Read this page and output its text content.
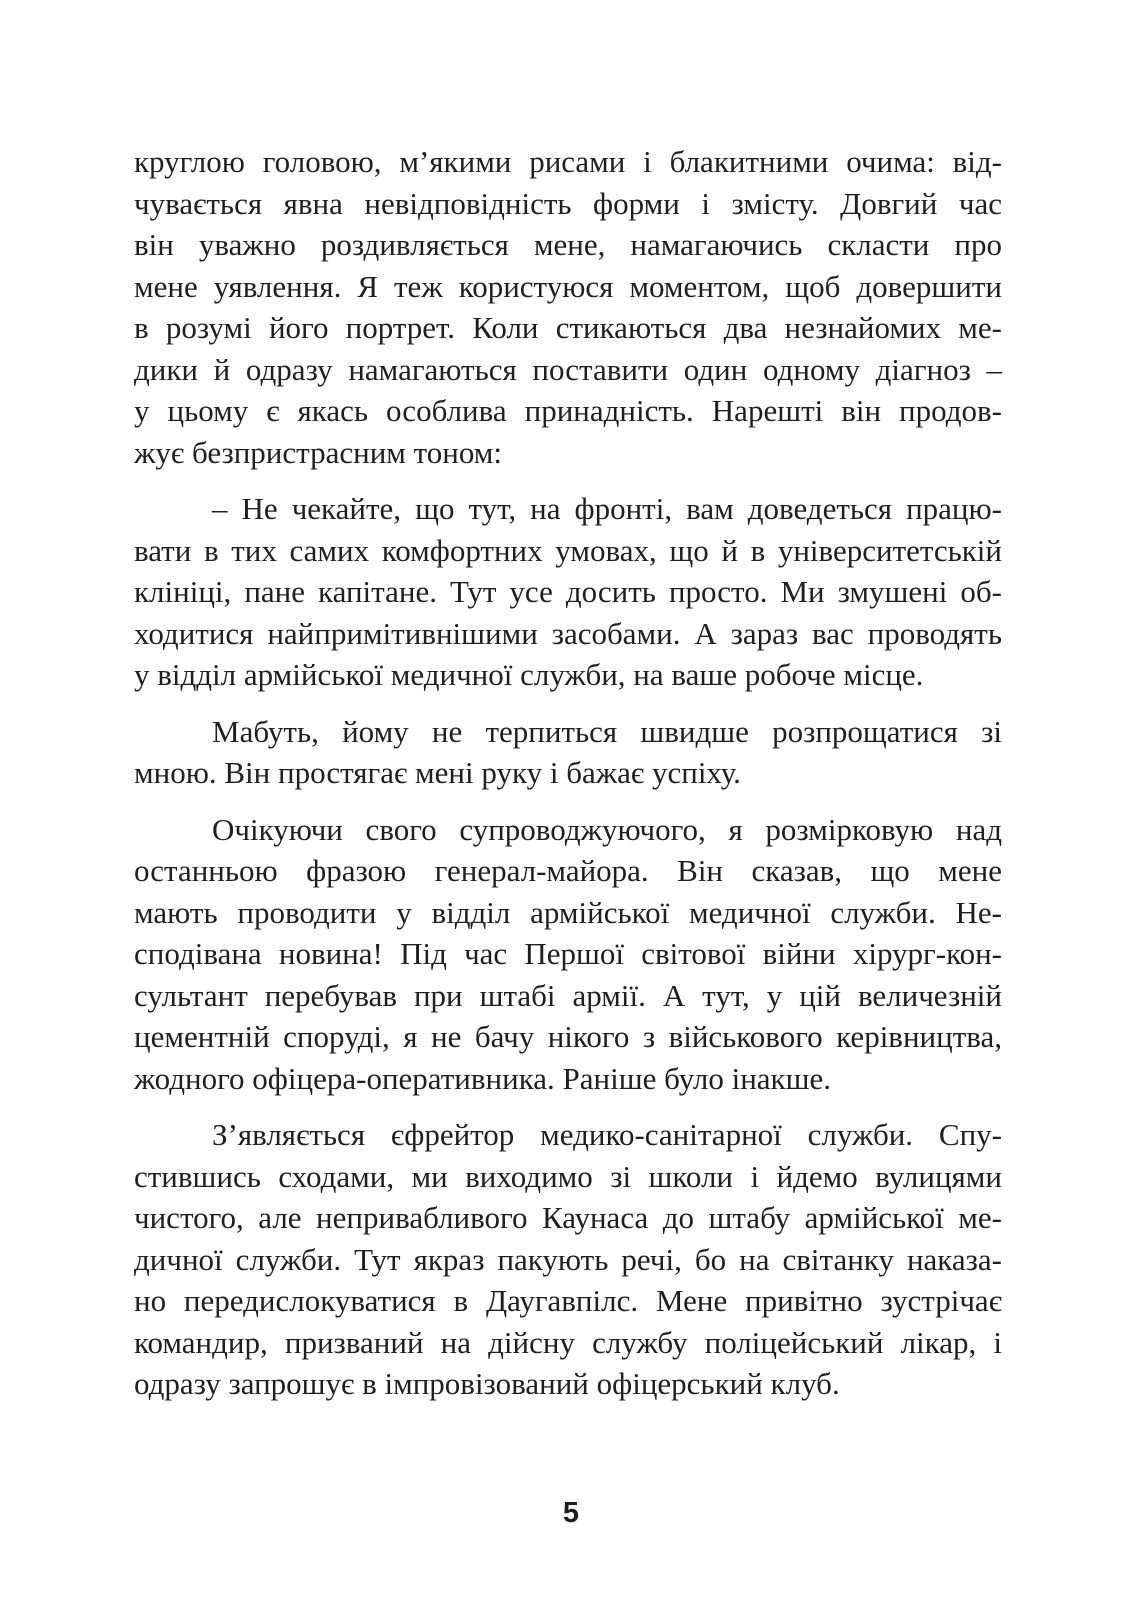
круглою головою, м’якими рисами і блакитними очима: від-
чувається явна невідповідність форми і змісту. Довгий час
він уважно роздивляється мене, намагаючись скласти про
мене уявлення. Я теж користуюся моментом, щоб довершити
в розумі його портрет. Коли стикаються два незнайомих ме-
дики й одразу намагаються поставити один одному діагноз –
у цьому є якась особлива принадність. Нарешті він продов-
жує безпристрасним тоном:
– Не чекайте, що тут, на фронті, вам доведеться працю-
вати в тих самих комфортних умовах, що й в університетській
клініці, пане капітане. Тут усе досить просто. Ми змушені об-
ходитися найпримітивнішими засобами. А зараз вас проводять
у відділ армійської медичної служби, на ваше робоче місце.
Мабуть, йому не терпиться швидше розпрощатися зі
мною. Він простягає мені руку і бажає успіху.
Очікуючи свого супроводжуючого, я розмірковую над
останньою фразою генерал-майора. Він сказав, що мене
мають проводити у відділ армійської медичної служби. Не-
сподівана новина! Під час Першої світової війни хірург-кон-
сультант перебував при штабі армії. А тут, у цій величезній
цементній споруді, я не бачу нікого з військового керівництва,
жодного офіцера-оперативника. Раніше було інакше.
З’являється єфрейтор медико-санітарної служби. Спу-
стившись сходами, ми виходимо зі школи і йдемо вулицями
чистого, але непривабливого Каунаса до штабу армійської ме-
дичної служби. Тут якраз пакують речі, бо на світанку наказа-
но передислокуватися в Даугавпілс. Мене привітно зустрічає
командир, призваний на дійсну службу поліцейський лікар, і
одразу запрошує в імпровізований офіцерський клуб.
5
